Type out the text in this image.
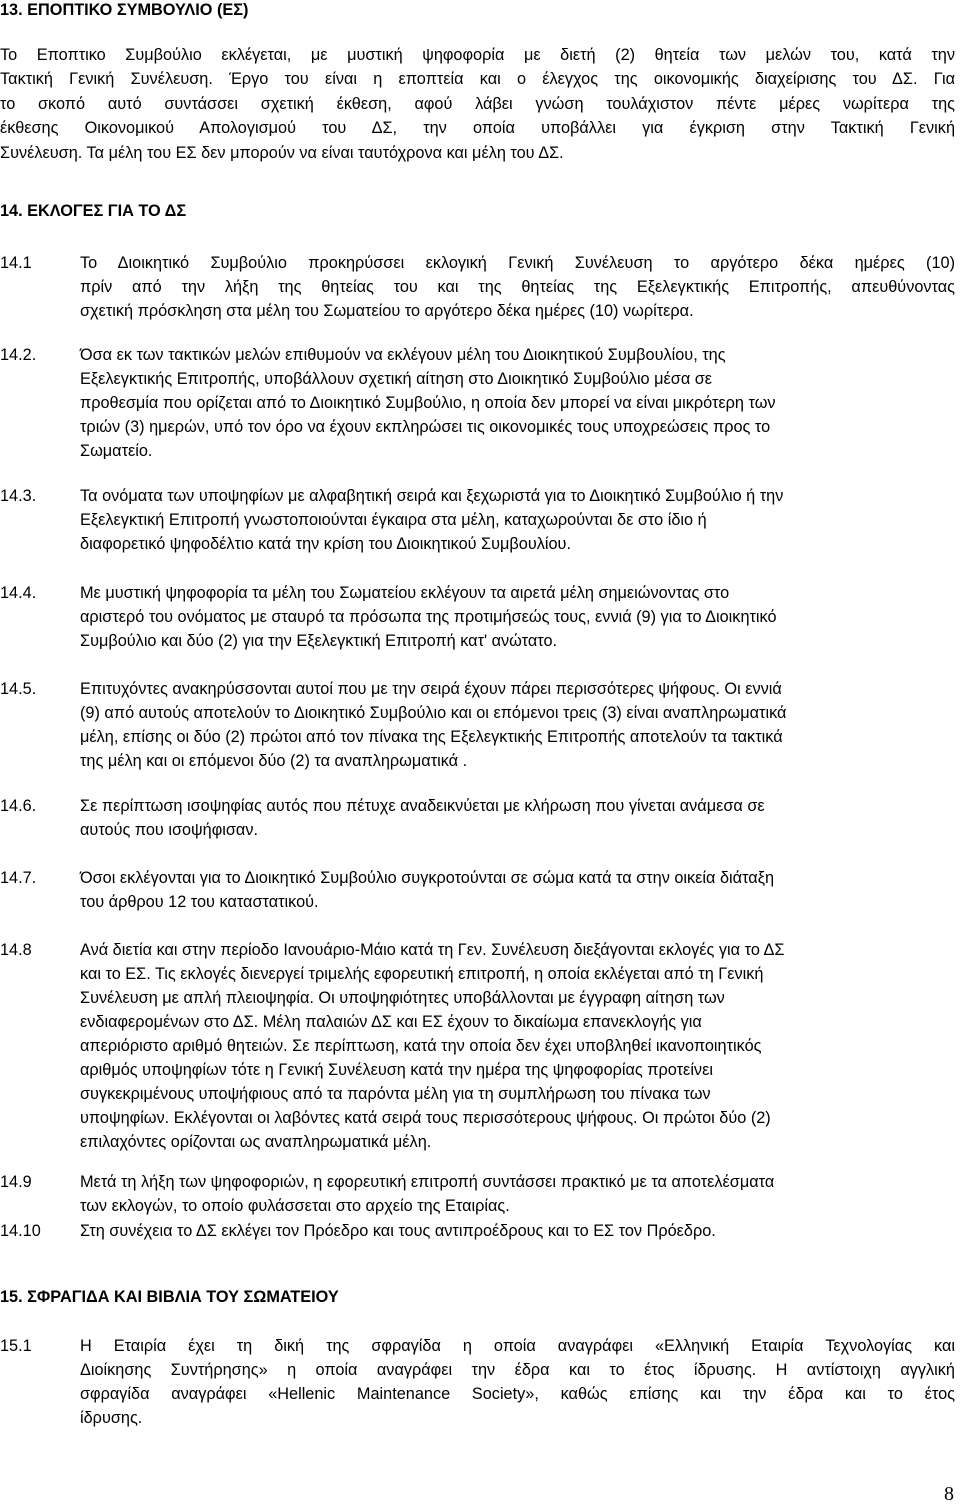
13. ΕΠΟΠΤΙΚΟ ΣΥΜΒΟΥΛΙΟ (ΕΣ)
Το Εποπτικο Συμβούλιο εκλέγεται, με μυστική ψηφοφορία με διετή (2) θητεία των μελών του, κατά την
Τακτική Γενική Συνέλευση. Έργο του είναι η εποπτεία και ο έλεγχος της οικονομικής διαχείρισης του ΔΣ. Για
το σκοπό αυτό συντάσσει σχετική έκθεση, αφού λάβει γνώση τουλάχιστον πέντε μέρες νωρίτερα της
έκθεσης Οικονομικού Απολογισμού του ΔΣ, την οποία υποβάλλει για έγκριση στην Τακτική Γενική
Συνέλευση. Τα μέλη του ΕΣ δεν μπορούν να είναι ταυτόχρονα και μέλη του ΔΣ.
14. ΕΚΛΟΓΕΣ ΓΙΑ ΤΟ ΔΣ
14.1	Το Διοικητικό Συμβούλιο προκηρύσσει εκλογική Γενική Συνέλευση το αργότερο δέκα ημέρες (10)
πρίν από την λήξη της θητείας του και της θητείας της Εξελεγκτικής Επιτροπής, απευθύνοντας
σχετική πρόσκληση στα μέλη του Σωματείου το αργότερο δέκα ημέρες (10) νωρίτερα.
14.2.	Όσα εκ των τακτικών μελών επιθυμούν να εκλέγουν μέλη του Διοικητικού Συμβουλίου, της
Εξελεγκτικής Επιτροπής, υποβάλλουν σχετική αίτηση στο Διοικητικό Συμβούλιο μέσα σε
προθεσμία που ορίζεται από το Διοικητικό Συμβούλιο, η οποία δεν μπορεί να είναι μικρότερη των
τριών (3) ημερών, υπό τον όρο να έχουν εκπληρώσει τις οικονομικές τους υποχρεώσεις προς το
Σωματείο.
14.3.	Τα ονόματα των υποψηφίων με αλφαβητική σειρά και ξεχωριστά για το Διοικητικό Συμβούλιο ή την
Εξελεγκτική Επιτροπή γνωστοποιούνται έγκαιρα στα μέλη, καταχωρούνται δε στο ίδιο ή
διαφορετικό ψηφοδέλτιο κατά την κρίση του Διοικητικού Συμβουλίου.
14.4.	Με μυστική ψηφοφορία τα μέλη του Σωματείου εκλέγουν τα αιρετά μέλη σημειώνοντας στο
αριστερό του ονόματος με σταυρό τα πρόσωπα της προτιμήσεώς τους, εννιά (9) για το Διοικητικό
Συμβούλιο και δύο (2) για την Εξελεγκτική Επιτροπή κατ' ανώτατο.
14.5.	Επιτυχόντες ανακηρύσσονται αυτοί που με την σειρά έχουν πάρει περισσότερες ψήφους. Οι εννιά
(9) από αυτούς αποτελούν το Διοικητικό Συμβούλιο και οι επόμενοι τρεις (3) είναι αναπληρωματικά
μέλη, επίσης οι δύο (2) πρώτοι από τον πίνακα της Εξελεγκτικής Επιτροπής αποτελούν τα τακτικά
της μέλη και οι επόμενοι δύο (2) τα αναπληρωματικά .
14.6.	Σε περίπτωση ισοψηφίας αυτός που πέτυχε αναδεικνύεται με κλήρωση που γίνεται ανάμεσα σε
αυτούς που ισοψήφισαν.
14.7.	Όσοι εκλέγονται για το Διοικητικό Συμβούλιο συγκροτούνται σε σώμα κατά τα στην οικεία διάταξη
του άρθρου 12 του καταστατικού.
14.8	Ανά διετία και στην περίοδο Ιανουάριο-Μάιο κατά τη Γεν. Συνέλευση διεξάγονται εκλογές για το ΔΣ
και το ΕΣ. Τις εκλογές διενεργεί τριμελής εφορευτική επιτροπή, η οποία εκλέγεται από τη Γενική
Συνέλευση με απλή πλειοψηφία. Οι υποψηφιότητες υποβάλλονται με έγγραφη αίτηση των
ενδιαφερομένων στο ΔΣ. Μέλη παλαιών ΔΣ και ΕΣ έχουν το δικαίωμα επανεκλογής για
απεριόριστο αριθμό θητειών. Σε περίπτωση, κατά την οποία δεν έχει υποβληθεί ικανοποιητικός
αριθμός υποψηφίων τότε η Γενική Συνέλευση κατά την ημέρα της ψηφοφορίας προτείνει
συγκεκριμένους υποψήφιους από τα παρόντα μέλη για τη συμπλήρωση του πίνακα των
υποψηφίων. Εκλέγονται οι λαβόντες κατά σειρά τους περισσότερους ψήφους. Οι πρώτοι δύο (2)
επιλαχόντες ορίζονται ως αναπληρωματικά μέλη.
14.9	Μετά τη λήξη των ψηφοφοριών, η εφορευτική επιτροπή συντάσσει πρακτικό με τα αποτελέσματα
των εκλογών, το οποίο φυλάσσεται στο αρχείο της Εταιρίας.
14.10 Στη συνέχεια το ΔΣ εκλέγει τον Πρόεδρο και τους αντιπροέδρους και το ΕΣ τον Πρόεδρο.
15. ΣΦΡΑΓΙΔΑ ΚΑΙ ΒΙΒΛΙΑ ΤΟΥ ΣΩΜΑΤΕΙΟΥ
15.1	Η Εταιρία έχει τη δική της σφραγίδα η οποία αναγράφει «Ελληνική Εταιρία Τεχνολογίας και
Διοίκησης Συντήρησης» η οποία αναγράφει την έδρα και το έτος ίδρυσης. Η αντίστοιχη αγγλική
σφραγίδα αναγράφει «Hellenic Maintenance Society», καθώς επίσης και την έδρα και το έτος
ίδρυσης.
8
